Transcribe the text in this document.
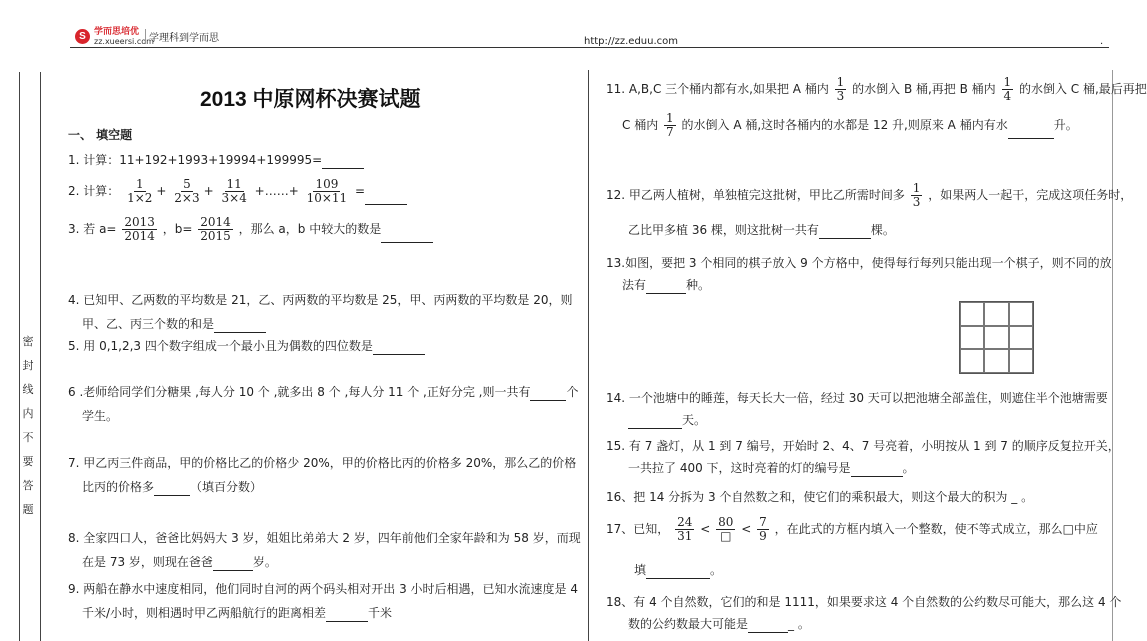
S 学而思培优
zz.xueersi.com
学理科到学而思	http://zz.eduu.com	.
密封线内不要答题
2013 中原网杯决赛试题
一、 填空题
1. 计算：11+192+1993+19994+199995=
2. 计算： $\frac{1}{1\times 2} + \frac{5}{2\times 3} + \frac{11}{3\times 4}$ +……+ $\frac{109}{10\times 11}$ =
3. 若 $a= \frac{2013}{2014}$ ，$b= \frac{2014}{2015}$ ，那么 a，b 中较大的数是
4. 已知甲、乙两数的平均数是 21，乙、丙两数的平均数是 25，甲、丙两数的平均数是 20，则
甲、乙、丙三个数的和是
5. 用 0,1,2,3 四个数字组成一个最小且为偶数的四位数是
6 .老师给同学们分糖果 ,每人分 10 个 ,就多出 8 个 ,每人分 11 个 ,正好分完 ,则一共有	个
学生。
7. 甲乙丙三件商品，甲的价格比乙的价格少 20%，甲的价格比丙的价格多 20%，那么乙的价格
比丙的价格多	（填百分数）
8. 全家四口人，爸爸比妈妈大 3 岁，姐姐比弟弟大 2 岁，四年前他们全家年龄和为 58 岁，而现
在是 73 岁，则现在爸爸	岁。
9. 两船在静水中速度相同，他们同时自河的两个码头相对开出 3 小时后相遇，已知水流速度是 4
千米/小时，则相遇时甲乙两船航行的距离相差	千米
11. A,B,C 三个桶内都有水,如果把 A 桶内 $\frac{1}{3}$ 的水倒入 B 桶,再把 B 桶内 $\frac{1}{4}$ 的水倒入 C 桶,最后再把
C 桶内 $\frac{1}{7}$ 的水倒入 A 桶,这时各桶内的水都是 12 升,则原来 A 桶内有水	升。
12. 甲乙两人植树，单独植完这批树，甲比乙所需时间多 $\frac{1}{3}$ ，如果两人一起干，完成这项任务时，
乙比甲多植 36 棵，则这批树一共有	棵。
13.如图，要把 3 个相同的棋子放入 9 个方格中，使得每行每列只能出现一个棋子，则不同的放
法有	种。
14. 一个池塘中的睡莲，每天长大一倍，经过 30 天可以把池塘全部盖住，则遮住半个池塘需要
天。
15. 有 7 盏灯，从 1 到 7 编号，开始时 2、4、7 号亮着，小明按从 1 到 7 的顺序反复拉开关，
一共拉了 400 下，这时亮着的灯的编号是	。
16、把 14 分拆为 3 个自然数之和，使它们的乘积最大，则这个最大的积为 _ 。
17、已知， $\frac{24}{31} < \frac{80}{□} < \frac{7}{9}$ ，在此式的方框内填入一个整数，使不等式成立，那么□中应
填	。
18、有 4 个自然数，它们的和是 1111，如果要求这 4 个自然数的公约数尽可能大，那么这 4 个
数的公约数最大可能是	_ 。
